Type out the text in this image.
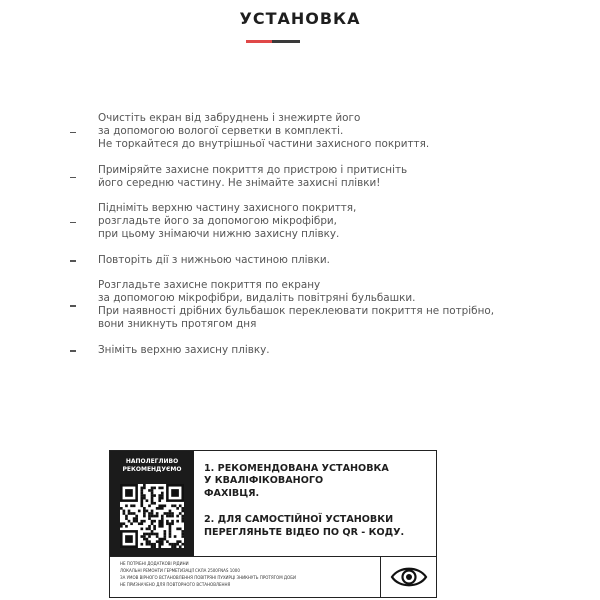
УСТАНОВКА
Очистіть екран від забруднень і знежирте його
за допомогою вологої серветки в комплекті.
Не торкайтеся до внутрішньої частини захисного покриття.
Приміряйте захисне покриття до пристрою і притисніть
його середню частину. Не знімайте захисні плівки!
Підніміть верхню частину захисного покриття,
розгладьте його за допомогою мікрофібри,
при цьому знімаючи нижню захисну плівку.
Повторіть дії з нижньою частиною плівки.
Розгладьте захисне покриття по екрану
за допомогою мікрофібри, видаліть повітряні бульбашки.
При наявності дрібних бульбашок переклеювати покриття не потрібно,
вони зникнуть протягом дня
Зніміть верхню захисну плівку.
НАПОЛЕГЛИВО
РЕКОМЕНДУЄМО	1. РЕКОМЕНДОВАНА УСТАНОВКА
У КВАЛІФІКОВАНОГО
ФАХІВЦЯ.
2. ДЛЯ САМОСТІЙНОЇ УСТАНОВКИ
ПЕРЕГЛЯНЬТЕ ВІДЕО ПО QR - КОДУ.
НЕ ПОТРІБНІ ДОДАТКОВІ РІДИНИ
ЛОКАЛЬНІ РЕМОНТИ ГЕРМЕТИЗАЦІЇ СКЛА 2500FNAS 1000
ЗА УМОВ ВІРНОГО ВСТАНОВЛЕННЯ ПОВІТРЯНІ ПУХИРЦІ ЗНИКНУТЬ ПРОТЯГОМ ДОБИ
НЕ ПРИЗНАЧЕНО ДЛЯ ПОВТОРНОГО ВСТАНОВЛЕННЯ
